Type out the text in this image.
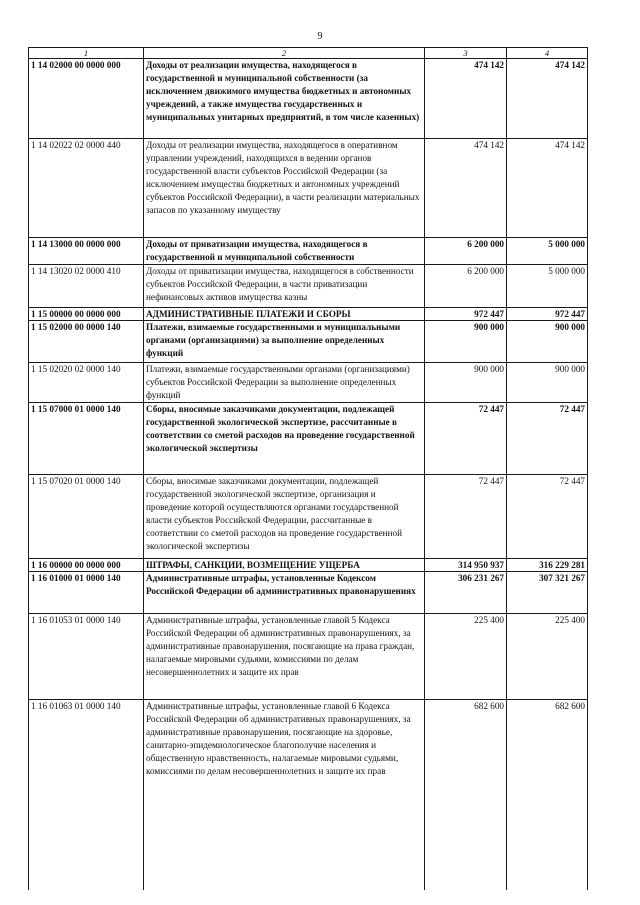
9
1	2	3	4
1 14 02000 00 0000 000	Доходы от реализации имущества, находящегося в государственной и муниципальной собственности (за исключением движимого имущества бюджетных и автономных учреждений, а также имущества государственных и муниципальных унитарных предприятий, в том числе казенных)	474 142	474 142
1 14 02022 02 0000 440	Доходы от реализации имущества, находящегося в оперативном управлении учреждений, находящихся в ведении органов государственной власти субъектов Российской Федерации (за исключением имущества бюджетных и автономных учреждений субъектов Российской Федерации), в части реализации материальных запасов по указанному имуществу	474 142	474 142
1 14 13000 00 0000 000	Доходы от приватизации имущества, находящегося в государственной и муниципальной собственности	6 200 000	5 000 000
1 14 13020 02 0000 410	Доходы от приватизации имущества, находящегося в собственности субъектов Российской Федерации, в части приватизации нефинансовых активов имущества казны	6 200 000	5 000 000
1 15 00000 00 0000 000	АДМИНИСТРАТИВНЫЕ ПЛАТЕЖИ И СБОРЫ	972 447	972 447
1 15 02000 00 0000 140	Платежи, взимаемые государственными и муниципальными органами (организациями) за выполнение определенных функций	900 000	900 000
1 15 02020 02 0000 140	Платежи, взимаемые государственными органами (организациями) субъектов Российской Федерации за выполнение определенных функций	900 000	900 000
1 15 07000 01 0000 140	Сборы, вносимые заказчиками документации, подлежащей государственной экологической экспертизе, рассчитанные в соответствии со сметой расходов на проведение государственной экологической экспертизы	72 447	72 447
1 15 07020 01 0000 140	Сборы, вносимые заказчиками документации, подлежащей государственной экологической экспертизе, организация и проведение которой осуществляются органами государственной власти субъектов Российской Федерации, рассчитанные в соответствии со сметой расходов на проведение государственной экологической экспертизы	72 447	72 447
1 16 00000 00 0000 000	ШТРАФЫ, САНКЦИИ, ВОЗМЕЩЕНИЕ УЩЕРБА	314 950 937	316 229 281
1 16 01000 01 0000 140	Административные штрафы, установленные Кодексом Российской Федерации об административных правонарушениях	306 231 267	307 321 267
1 16 01053 01 0000 140	Административные штрафы, установленные главой 5 Кодекса Российской Федерации об административных правонарушениях, за административные правонарушения, посягающие на права граждан, налагаемые мировыми судьями, комиссиями по делам несовершеннолетних и защите их прав	225 400	225 400
1 16 01063 01 0000 140	Административные штрафы, установленные главой 6 Кодекса Российской Федерации об административных правонарушениях, за административные правонарушения, посягающие на здоровье, санитарно-эпидемиологическое благополучие населения и общественную нравственность, налагаемые мировыми судьями, комиссиями по делам несовершеннолетних и защите их прав	682 600	682 600
